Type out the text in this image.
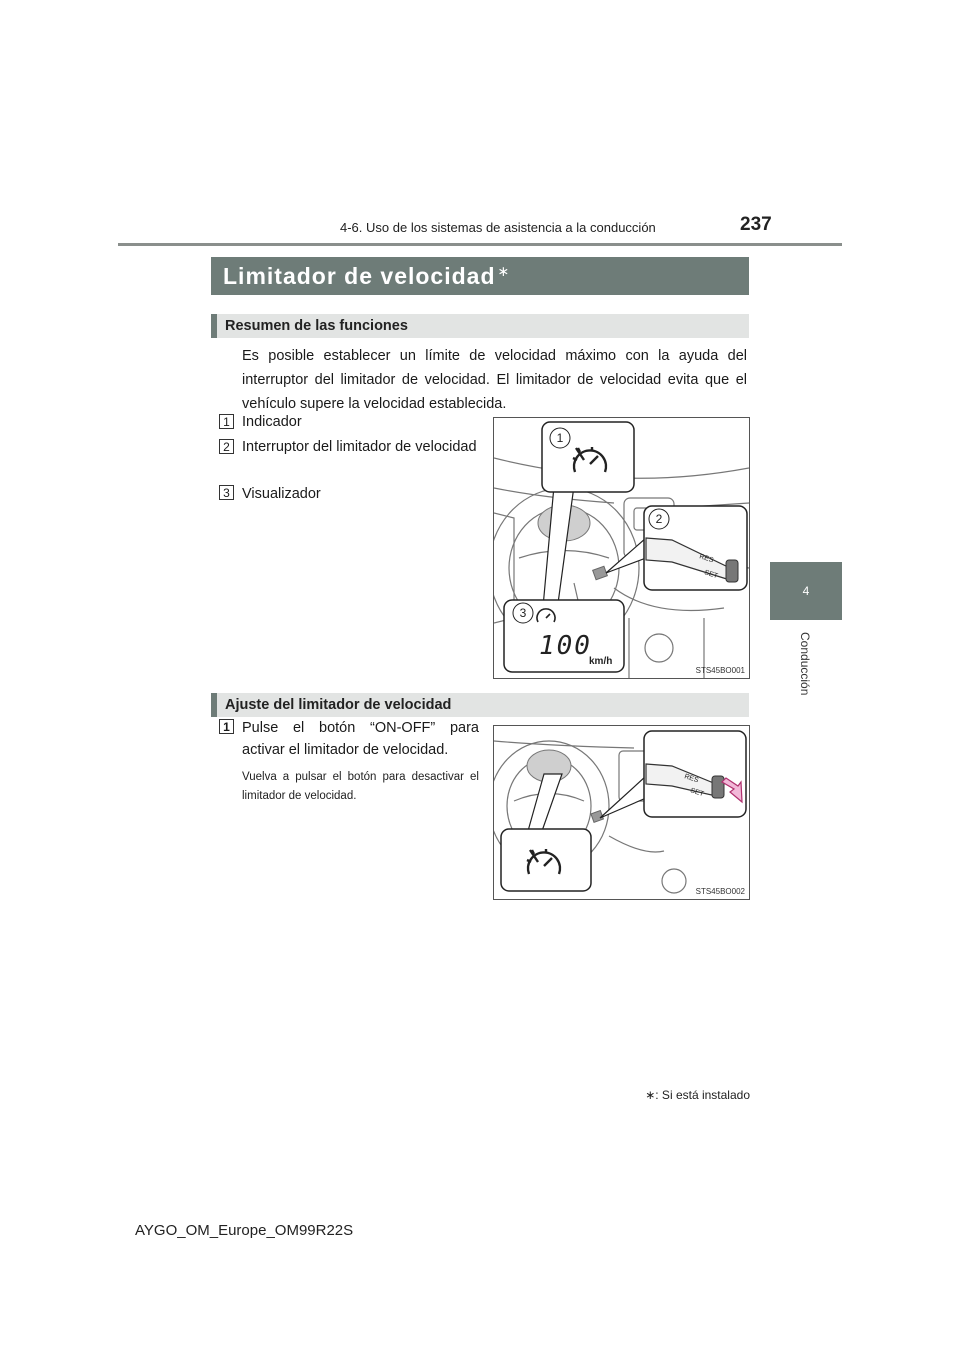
4-6. Uso de los sistemas de asistencia a la conducción	237
4
Conducción
Limitador de velocidad ∗
Resumen de las funciones
Es posible establecer un límite de velocidad máximo con la ayuda del interruptor del limitador de velocidad. El limitador de velocidad evita que el vehículo supere la velocidad establecida.
1 Indicador
2 Interruptor del limitador de velocidad
3 Visualizador
1
2
RES
SET
3
100
km/h
STS45BO001
Ajuste del limitador de velocidad
1 Pulse el botón “ON-OFF” para activar el limitador de velocidad.
Vuelva a pulsar el botón para desactivar el limitador de velocidad.
RES
SET
STS45BO002
∗: Si está instalado
AYGO_OM_Europe_OM99R22S
